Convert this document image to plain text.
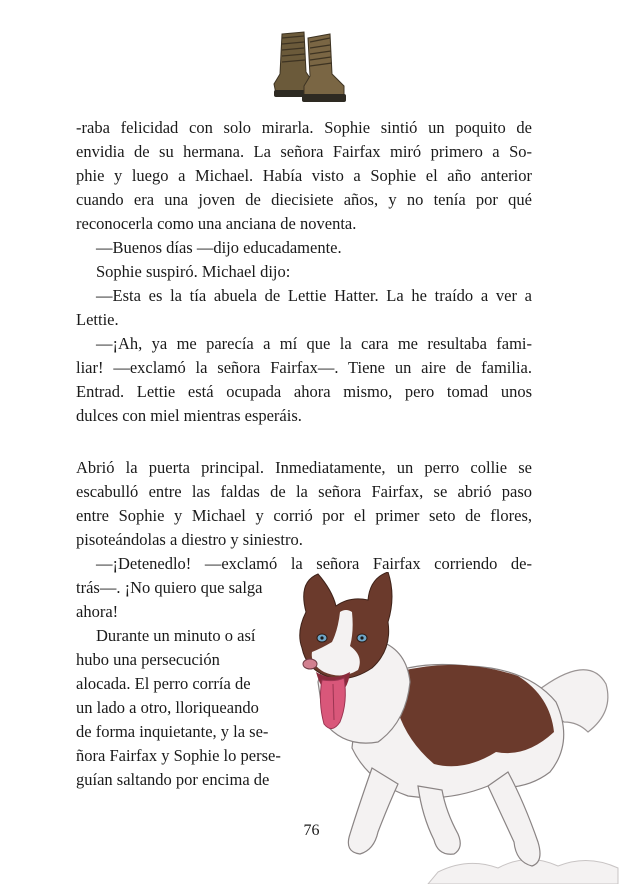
-raba felicidad con solo mirarla. Sophie sintió un poquito de
envidia de su hermana. La señora Fairfax miró primero a So-
phie y luego a Michael. Había visto a Sophie el año anterior
cuando era una joven de diecisiete años, y no tenía por qué
reconocerla como una anciana de noventa.

—Buenos días —dijo educadamente.

Sophie suspiró. Michael dijo:

—Esta es la tía abuela de Lettie Hatter. La he traído a ver a
Lettie.

—¡Ah, ya me parecía a mí que la cara me resultaba fami-
liar! —exclamó la señora Fairfax—. Tiene un aire de familia.
Entrad. Lettie está ocupada ahora mismo, pero tomad unos
dulces con miel mientras esperáis.

Abrió la puerta principal. Inmediatamente, un perro collie se
escabulló entre las faldas de la señora Fairfax, se abrió paso
entre Sophie y Michael y corrió por el primer seto de flores,
pisoteándolas a diestro y siniestro.

—¡Detenedlo! —exclamó la señora Fairfax corriendo de-

trás—. ¡No quiero que salga
ahora!

Durante un minuto o así
hubo una persecución
alocada. El perro corría de
un lado a otro, lloriqueando
de forma inquietante, y la se-
ñora Fairfax y Sophie lo perse-
guían saltando por encima de

76
